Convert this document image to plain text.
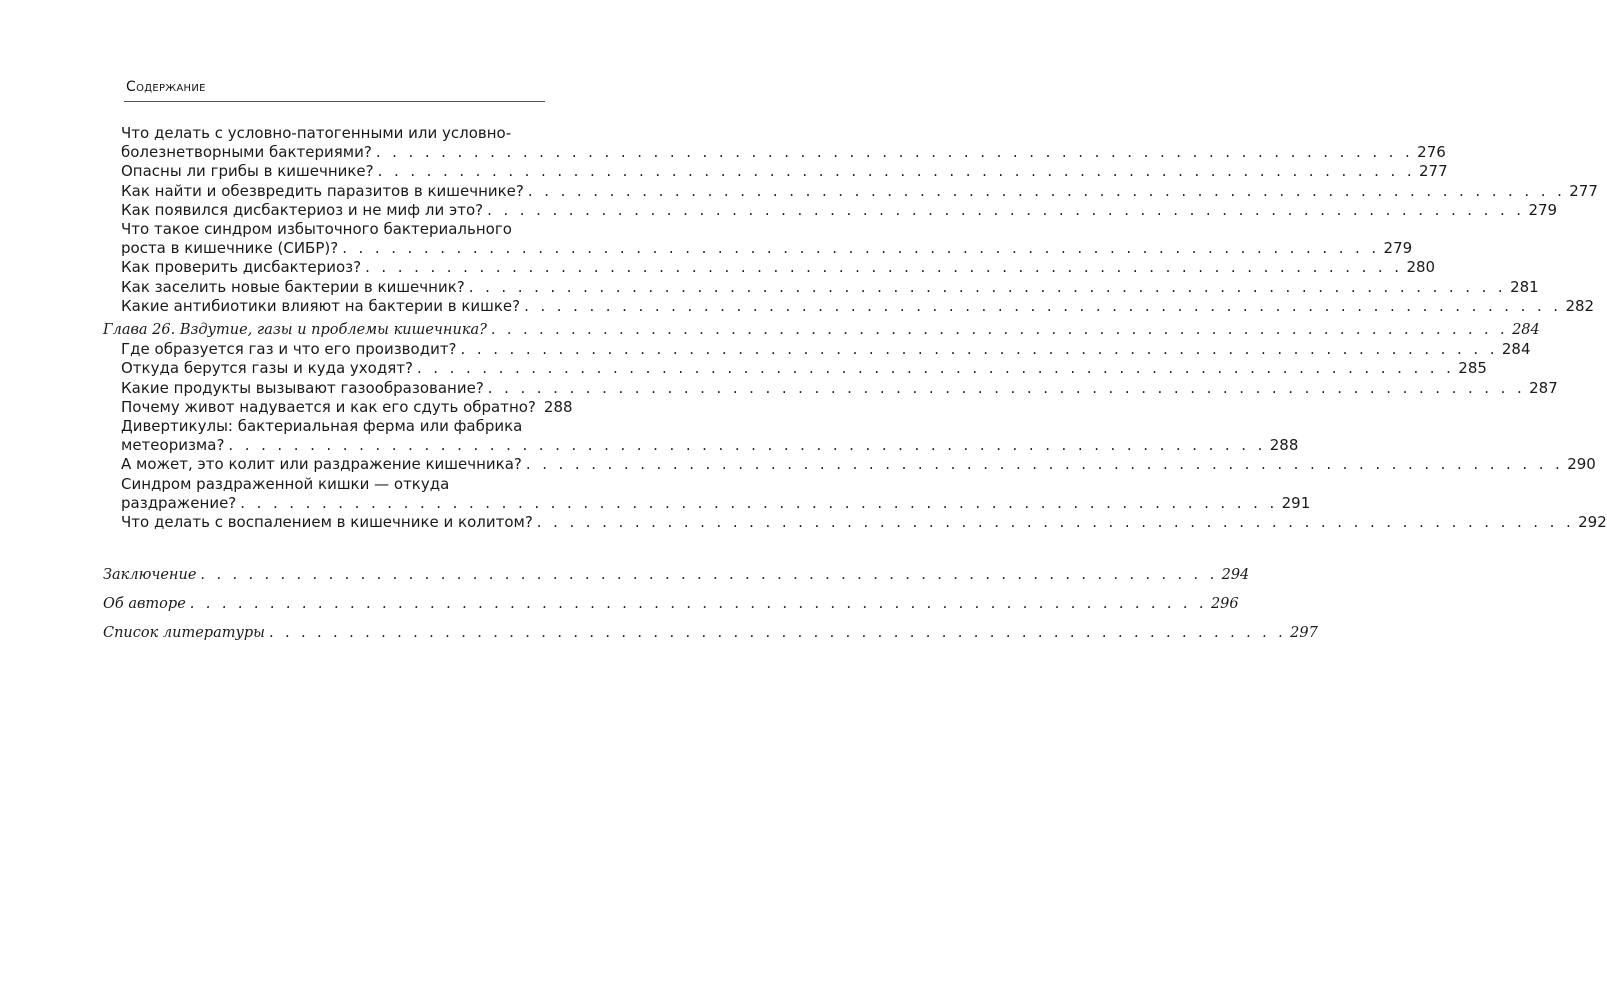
Содержание
Что делать с условно-патогенными или условно-
болезнетворными бактериями? . . . . . . . . . . . . . . . . . . . . . . . . . . . . . . . . . . . . . . . . . . . . . . . . . . . . . . . . . . . . . . . . 276
Опасны ли грибы в кишечнике? . . . . . . . . . . . . . . . . . . . . . . . . . . . . . . . . . . . . . . . . . . . . . . . . . . . . . . . . . . . . . . . . 277
Как найти и обезвредить паразитов в кишечнике? . . . . . . . . . . . . . . . . . . . . . . . . . . . . . . . . . . . . . . . . . . . . . . . . . . . . . . . . . . . . . . . . 277
Как появился дисбактериоз и не миф ли это? . . . . . . . . . . . . . . . . . . . . . . . . . . . . . . . . . . . . . . . . . . . . . . . . . . . . . . . . . . . . . . . . 279
Что такое синдром избыточного бактериального
роста в кишечнике (СИБР)? . . . . . . . . . . . . . . . . . . . . . . . . . . . . . . . . . . . . . . . . . . . . . . . . . . . . . . . . . . . . . . . . 279
Как проверить дисбактериоз? . . . . . . . . . . . . . . . . . . . . . . . . . . . . . . . . . . . . . . . . . . . . . . . . . . . . . . . . . . . . . . . . 280
Как заселить новые бактерии в кишечник? . . . . . . . . . . . . . . . . . . . . . . . . . . . . . . . . . . . . . . . . . . . . . . . . . . . . . . . . . . . . . . . . 281
Какие антибиотики влияют на бактерии в кишке? . . . . . . . . . . . . . . . . . . . . . . . . . . . . . . . . . . . . . . . . . . . . . . . . . . . . . . . . . . . . . . . . 282
Глава 26. Вздутие, газы и проблемы кишечника? . . . . . . . . . . . . . . . . . . . . . . . . . . . . . . . . . . . . . . . . . . . . . . . . . . . . . . . . . . . . . . . . 284
Где образуется газ и что его производит? . . . . . . . . . . . . . . . . . . . . . . . . . . . . . . . . . . . . . . . . . . . . . . . . . . . . . . . . . . . . . . . . 284
Откуда берутся газы и куда уходят? . . . . . . . . . . . . . . . . . . . . . . . . . . . . . . . . . . . . . . . . . . . . . . . . . . . . . . . . . . . . . . . . 285
Какие продукты вызывают газообразование? . . . . . . . . . . . . . . . . . . . . . . . . . . . . . . . . . . . . . . . . . . . . . . . . . . . . . . . . . . . . . . . . 287
Почему живот надувается и как его сдуть обратно? 288
Дивертикулы: бактериальная ферма или фабрика
метеоризма? . . . . . . . . . . . . . . . . . . . . . . . . . . . . . . . . . . . . . . . . . . . . . . . . . . . . . . . . . . . . . . . . 288
А может, это колит или раздражение кишечника? . . . . . . . . . . . . . . . . . . . . . . . . . . . . . . . . . . . . . . . . . . . . . . . . . . . . . . . . . . . . . . . . 290
Синдром раздраженной кишки — откуда
раздражение? . . . . . . . . . . . . . . . . . . . . . . . . . . . . . . . . . . . . . . . . . . . . . . . . . . . . . . . . . . . . . . . . 291
Что делать с воспалением в кишечнике и колитом? . . . . . . . . . . . . . . . . . . . . . . . . . . . . . . . . . . . . . . . . . . . . . . . . . . . . . . . . . . . . . . . . 292
Заключение . . . . . . . . . . . . . . . . . . . . . . . . . . . . . . . . . . . . . . . . . . . . . . . . . . . . . . . . . . . . . . . . 294
Об авторе . . . . . . . . . . . . . . . . . . . . . . . . . . . . . . . . . . . . . . . . . . . . . . . . . . . . . . . . . . . . . . . . 296
Список литературы . . . . . . . . . . . . . . . . . . . . . . . . . . . . . . . . . . . . . . . . . . . . . . . . . . . . . . . . . . . . . . . . 297
